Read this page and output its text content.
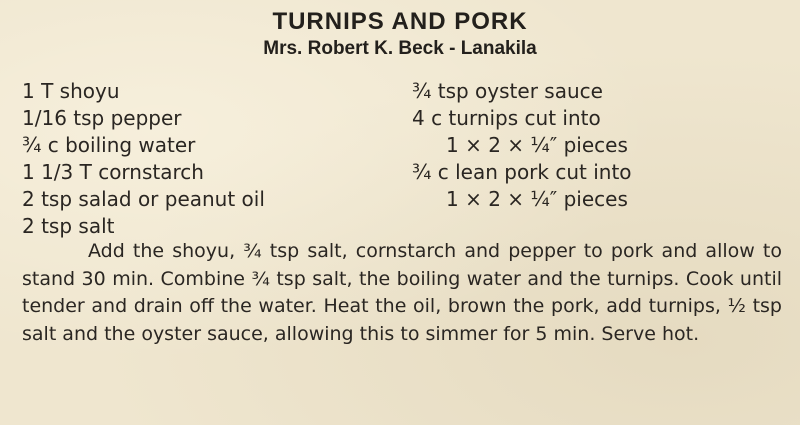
TURNIPS AND PORK
Mrs. Robert K. Beck - Lanakila
1 T shoyu
1/16 tsp pepper
¾ c boiling water
1 1/3 T cornstarch
2 tsp salad or peanut oil
2 tsp salt
¾ tsp oyster sauce
4 c turnips cut into
1 × 2 × ¼″ pieces
¾ c lean pork cut into
1 × 2 × ¼″ pieces

Add the shoyu, ¾ tsp salt, cornstarch and pepper to pork and allow to stand 30 min. Combine ¾ tsp salt, the boiling water and the turnips. Cook until tender and drain off the water. Heat the oil, brown the pork, add turnips, ½ tsp salt and the oyster sauce, allowing this to simmer for 5 min. Serve hot.
